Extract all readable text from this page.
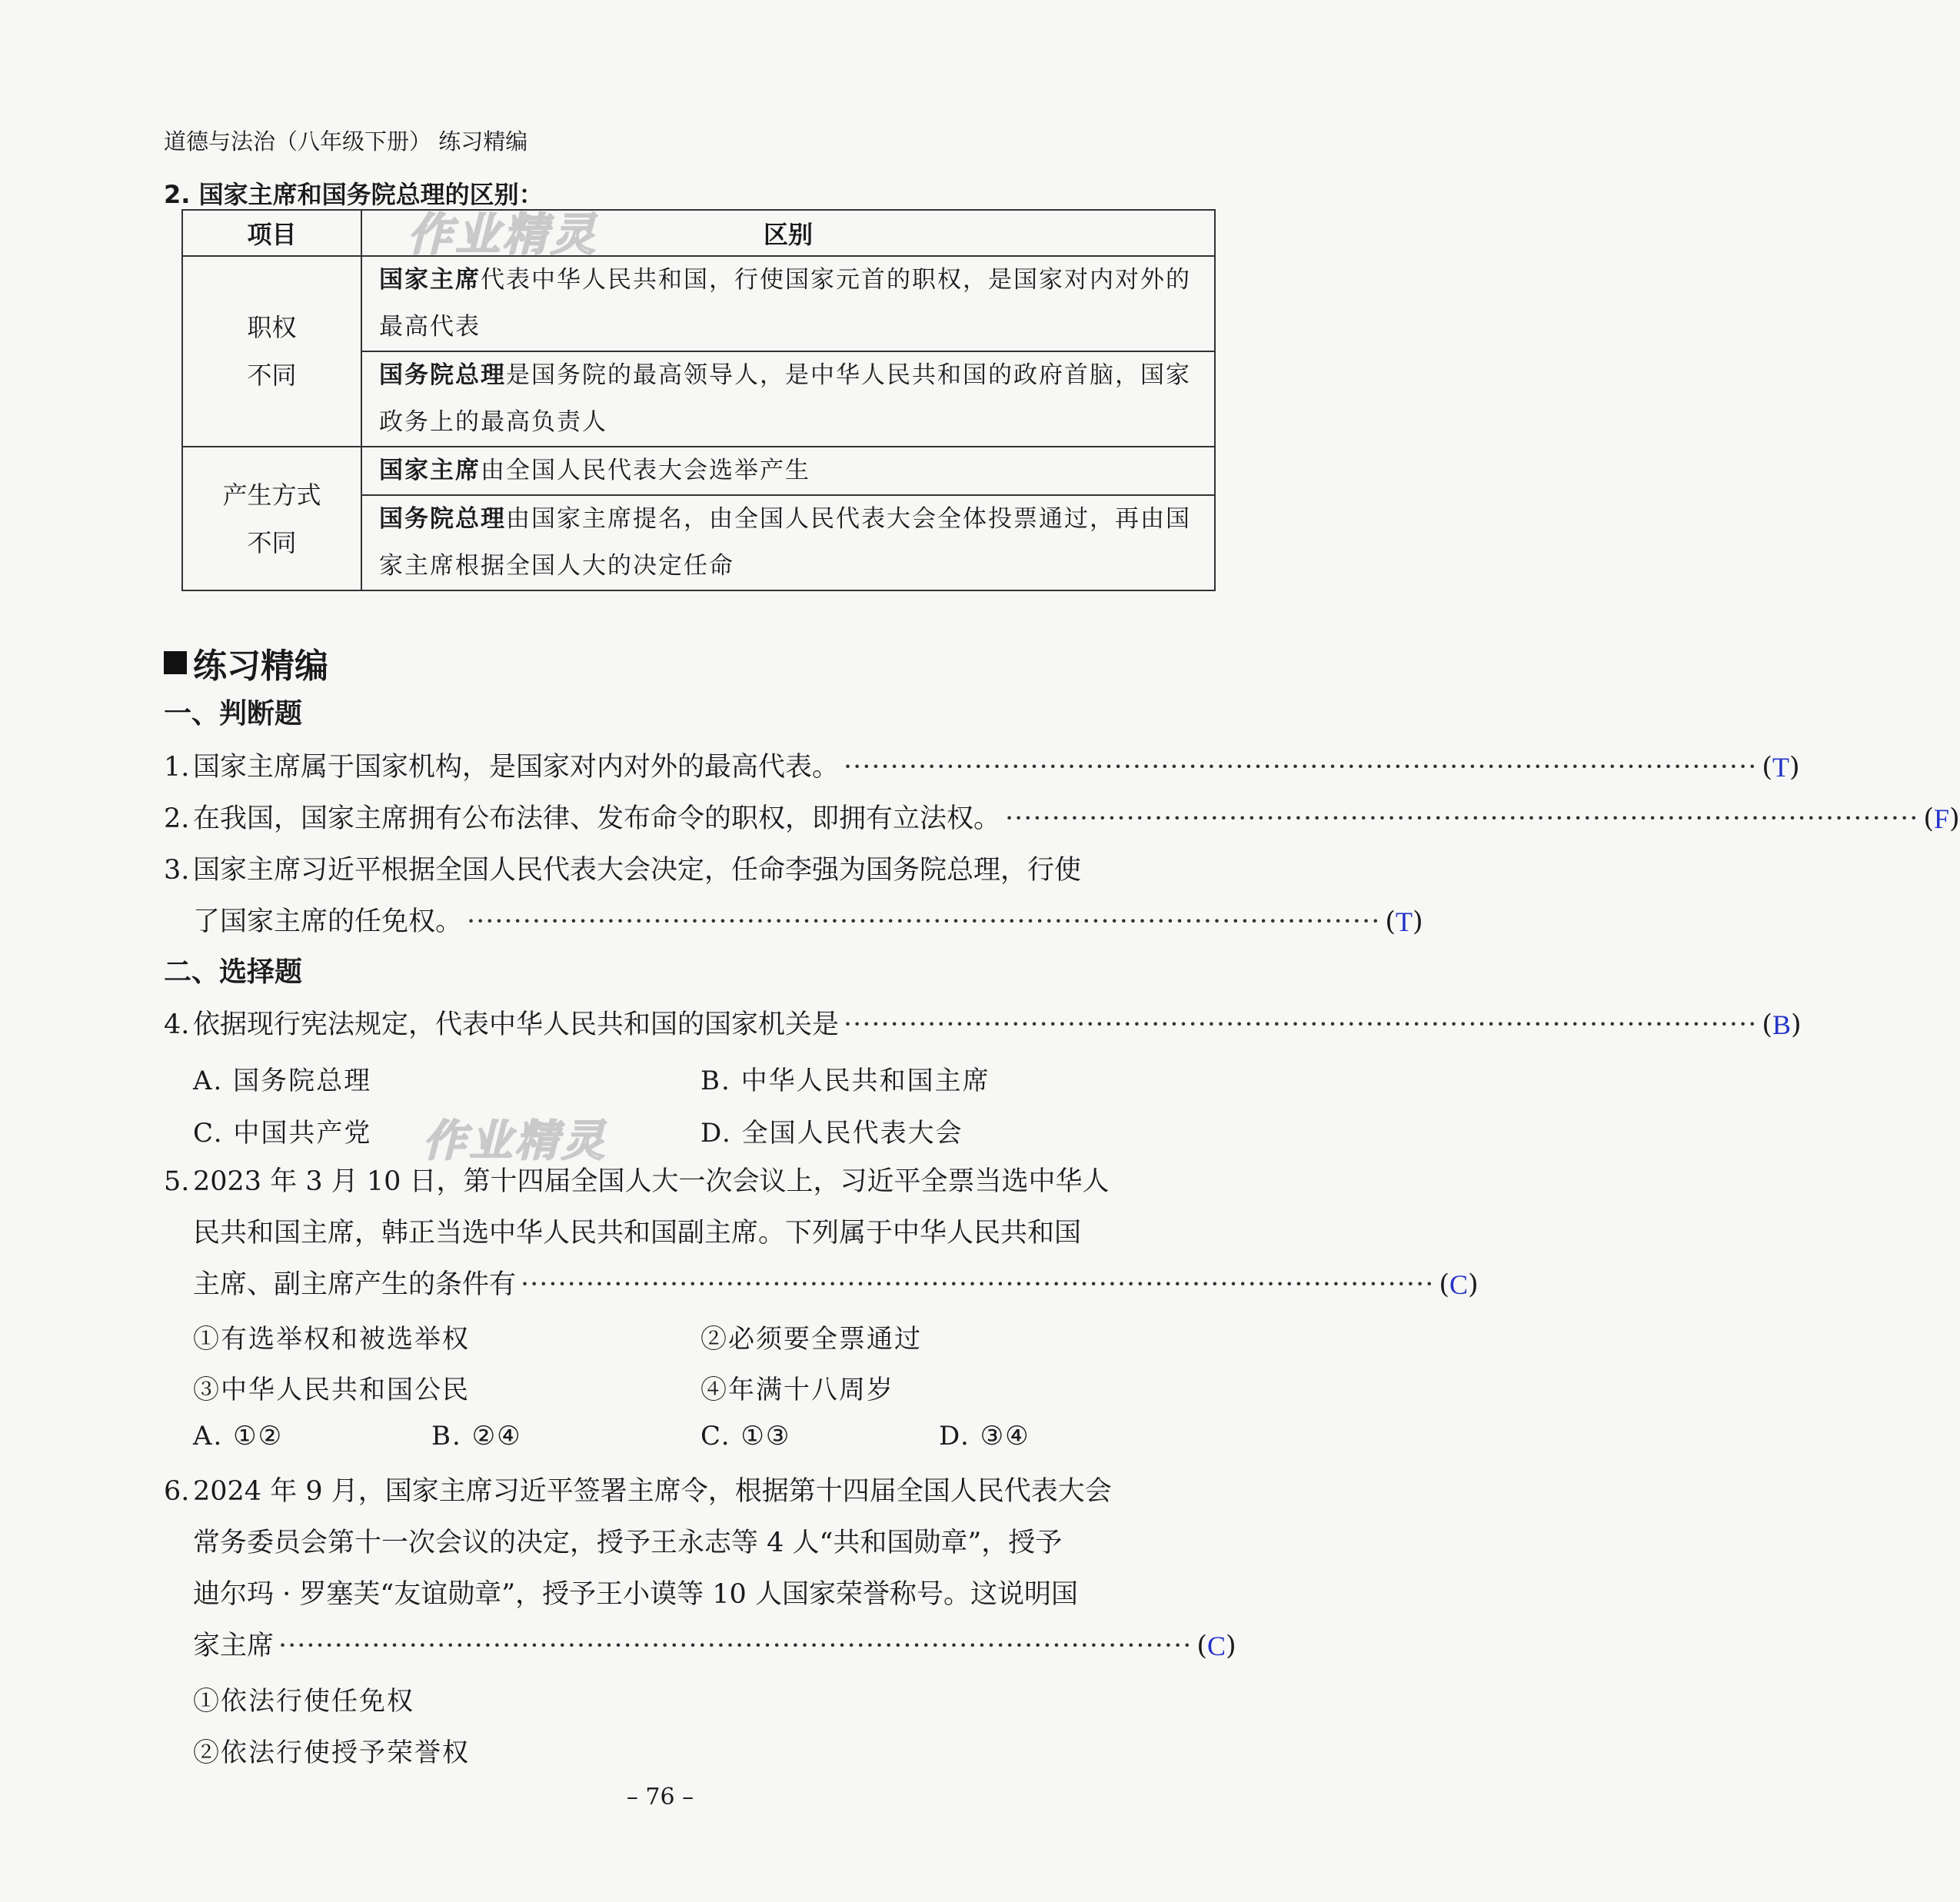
道德与法治（八年级下册） 练习精编
2. 国家主席和国务院总理的区别：
作业精灵
项目	区别

职权
不同	国家主席代表中华人民共和国，行使国家元首的职权，是国家对内对外的最高代表
	国务院总理是国务院的最高领导人，是中华人民共和国的政府首脑，国家政务上的最高负责人

产生方式
不同	国家主席由全国人民代表大会选举产生
	国务院总理由国家主席提名，由全国人民代表大会全体投票通过，再由国家主席根据全国人大的决定任命
练习精编
一、判断题
1. 国家主席属于国家机构，是国家对内对外的最高代表。 ·································································································· ( T )
2. 在我国，国家主席拥有公布法律、发布命令的职权，即拥有立法权。 ·································································································· ( F )
3. 国家主席习近平根据全国人民代表大会决定，任命李强为国务院总理，行使
了国家主席的任免权。 ·································································································· ( T )
二、选择题
4. 依据现行宪法规定，代表中华人民共和国的国家机关是 ·································································································· ( B )
A. 国务院总理	B. 中华人民共和国主席
C. 中国共产党	D. 全国人民代表大会
作业精灵
5. 2023 年 3 月 10 日，第十四届全国人大一次会议上，习近平全票当选中华人
民共和国主席，韩正当选中华人民共和国副主席。下列属于中华人民共和国
主席、副主席产生的条件有 ·································································································· ( C )
①有选举权和被选举权	②必须要全票通过
③中华人民共和国公民	④年满十八周岁
A. ①②	B. ②④	C. ①③	D. ③④
6. 2024 年 9 月，国家主席习近平签署主席令，根据第十四届全国人民代表大会
常务委员会第十一次会议的决定，授予王永志等 4 人“共和国勋章”，授予
迪尔玛 · 罗塞芙“友谊勋章”，授予王小谟等 10 人国家荣誉称号。这说明国
家主席 ·································································································· ( C )
①依法行使任免权
②依法行使授予荣誉权
– 76 –
